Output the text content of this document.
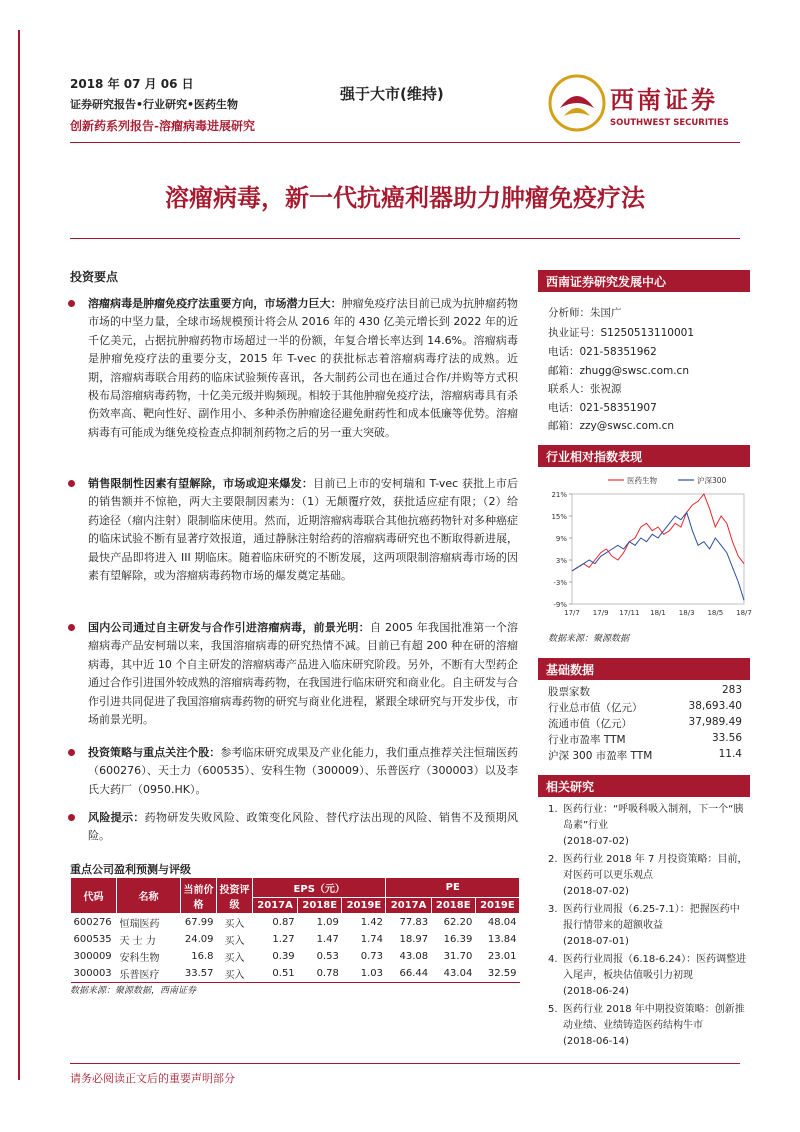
2018 年 07 月 06 日
证券研究报告•行业研究•医药生物
创新药系列报告-溶瘤病毒进展研究
强于大市(维持)	西南证券
SOUTHWEST SECURITIES
溶瘤病毒，新一代抗癌利器助力肿瘤免疫疗法
投资要点
溶瘤病毒是肿瘤免疫疗法重要方向，市场潜力巨大：肿瘤免疫疗法目前已成为抗肿瘤药物市场的中坚力量，全球市场规模预计将会从 2016 年的 430 亿美元增长到 2022 年的近千亿美元，占据抗肿瘤药物市场超过一半的份额，年复合增长率达到 14.6%。溶瘤病毒是肿瘤免疫疗法的重要分支，2015 年 T-vec 的获批标志着溶瘤病毒疗法的成熟。近期，溶瘤病毒联合用药的临床试验频传喜讯，各大制药公司也在通过合作/并购等方式积极布局溶瘤病毒药物，十亿美元级并购频现。相较于其他肿瘤免疫疗法，溶瘤病毒具有杀伤效率高、靶向性好、副作用小、多种杀伤肿瘤途径避免耐药性和成本低廉等优势。溶瘤病毒有可能成为继免疫检查点抑制剂药物之后的另一重大突破。
销售限制性因素有望解除，市场或迎来爆发：目前已上市的安柯瑞和 T-vec 获批上市后的销售额并不惊艳，两大主要限制因素为：（1）无颠覆疗效，获批适应症有限；（2）给药途径（瘤内注射）限制临床使用。然而，近期溶瘤病毒联合其他抗癌药物针对多种癌症的临床试验不断有显著疗效报道，通过静脉注射给药的溶瘤病毒研究也不断取得新进展，最快产品即将进入 III 期临床。随着临床研究的不断发展，这两项限制溶瘤病毒市场的因素有望解除，或为溶瘤病毒药物市场的爆发奠定基础。
国内公司通过自主研发与合作引进溶瘤病毒，前景光明：自 2005 年我国批准第一个溶瘤病毒产品安柯瑞以来，我国溶瘤病毒的研究热情不减。目前已有超 200 种在研的溶瘤病毒，其中近 10 个自主研发的溶瘤病毒产品进入临床研究阶段。另外，不断有大型药企通过合作引进国外较成熟的溶瘤病毒药物，在我国进行临床研究和商业化。自主研发与合作引进共同促进了我国溶瘤病毒药物的研究与商业化进程，紧跟全球研究与开发步伐，市场前景光明。
投资策略与重点关注个股：参考临床研究成果及产业化能力，我们重点推荐关注恒瑞医药（600276）、天士力（600535）、安科生物（300009）、乐普医疗（300003）以及李氏大药厂（0950.HK）。
风险提示：药物研发失败风险、政策变化风险、替代疗法出现的风险、销售不及预期风险。
重点公司盈利预测与评级
代码	名称	当前价格	投资评级	EPS（元）			PE		
				2017A	2018E	2019E	2017A	2018E	2019E
600276	恒瑞医药	67.99	买入	0.87	1.09	1.42	77.83	62.20	48.04
600535	天 士 力	24.09	买入	1.27	1.47	1.74	18.97	16.39	13.84
300009	安科生物	16.8	买入	0.39	0.53	0.73	43.08	31.70	23.01
300003	乐普医疗	33.57	买入	0.51	0.78	1.03	66.44	43.04	32.59
数据来源：聚源数据，西南证券
西南证券研究发展中心
分析师：朱国广
执业证号：S1250513110001
电话：021-58351962
邮箱：zhugg@swsc.com.cn
联系人：张祝源
电话：021-58351907
邮箱：zzy@swsc.com.cn
行业相对指数表现
21%
15%
9%
3%
-3%
-9%
17/7 17/9 17/11 18/1 18/3 18/5 18/7
医药生物	沪深300
数据来源：聚源数据
基础数据
股票家数	283
行业总市值（亿元）	38,693.40
流通市值（亿元）	37,989.49
行业市盈率 TTM	33.56
沪深 300 市盈率 TTM	11.4
相关研究
1. 医药行业：“呼吸科吸入制剂，下一个“胰岛素”行业
(2018-07-02)
2. 医药行业 2018 年 7 月投资策略：目前，对医药可以更乐观点
(2018-07-02)
3. 医药行业周报（6.25-7.1）：把握医药中报行情带来的超额收益
(2018-07-01)
4. 医药行业周报（6.18-6.24）：医药调整进入尾声，板块估值吸引力初现
(2018-06-24)
5. 医药行业 2018 年中期投资策略：创新推动业绩、业绩铸造医药结构牛市
(2018-06-14)
请务必阅读正文后的重要声明部分
